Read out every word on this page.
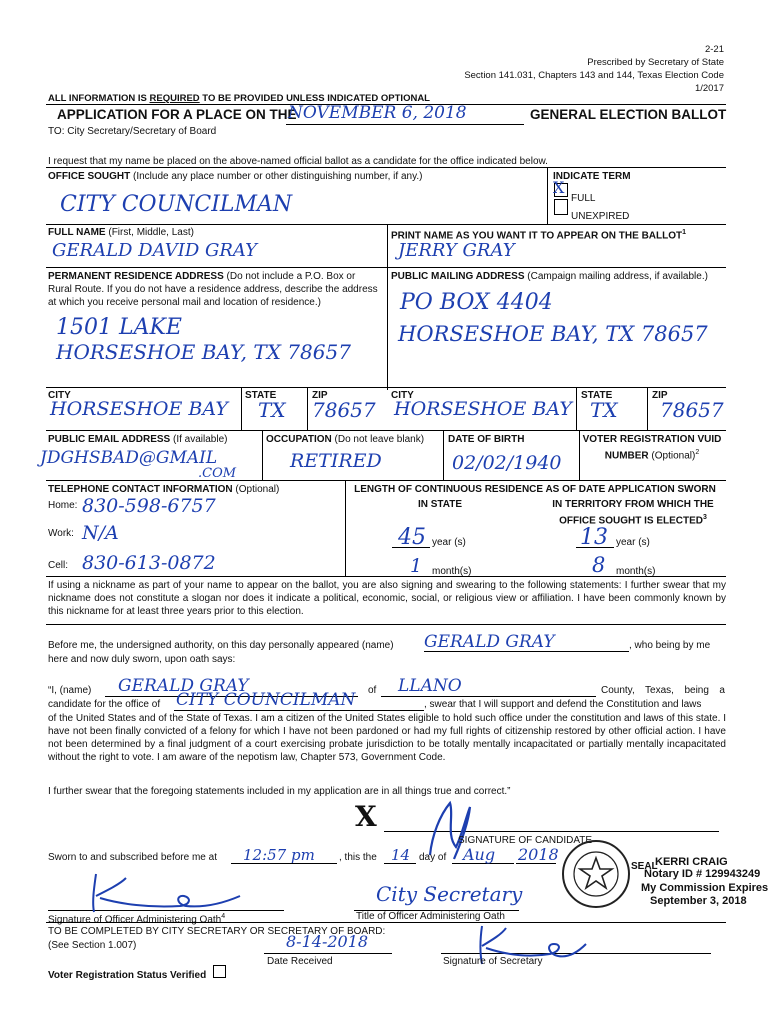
2-21
Prescribed by Secretary of State
Section 141.031, Chapters 143 and 144, Texas Election Code
1/2017
ALL INFORMATION IS REQUIRED TO BE PROVIDED UNLESS INDICATED OPTIONAL
APPLICATION FOR A PLACE ON THE
NOVEMBER 6, 2018	GENERAL ELECTION BALLOT
TO: City Secretary/Secretary of Board
I request that my name be placed on the above-named official ballot as a candidate for the office indicated below.
OFFICE SOUGHT (Include any place number or other distinguishing number, if any.)
CITY COUNCILMAN
INDICATE TERM
X
FULL
UNEXPIRED
FULL NAME (First, Middle, Last)
GERALD DAVID GRAY
PRINT NAME AS YOU WANT IT TO APPEAR ON THE BALLOT$^1$
JERRY GRAY
PERMANENT RESIDENCE ADDRESS (Do not include a P.O. Box or Rural Route. If you do not have a residence address, describe the address at which you receive personal mail and location of residence.)
1501 LAKE
HORSESHOE BAY, TX 78657
PUBLIC MAILING ADDRESS (Campaign mailing address, if available.)
PO BOX 4404
HORSESHOE BAY, TX 78657
CITY	STATE	ZIP	CITY	STATE	ZIP
HORSESHOE BAY TX 78657 HORSESHOE BAY TX 78657
PUBLIC EMAIL ADDRESS (If available)
JDGHSBAD@GMAIL
.COM
OCCUPATION (Do not leave blank)
RETIRED
DATE OF BIRTH
02/02/1940
VOTER REGISTRATION VUID NUMBER (Optional)$^2$
TELEPHONE CONTACT INFORMATION (Optional)
Home: 830-598-6757
Work: N/A
Cell: 830-613-0872
LENGTH OF CONTINUOUS RESIDENCE AS OF DATE APPLICATION SWORN
IN STATE	IN TERRITORY FROM WHICH THE OFFICE SOUGHT IS ELECTED$^3$
45 year (s)
1 month(s)
13 year (s)
8 month(s)
If using a nickname as part of your name to appear on the ballot, you are also signing and swearing to the following statements: I further swear that my nickname does not constitute a slogan nor does it indicate a political, economic, social, or religious view or affiliation. I have been commonly known by this nickname for at least three years prior to this election.
Before me, the undersigned authority, on this day personally appeared (name) GERALD GRAY	, who being by me
here and now duly sworn, upon oath says:
“I, (name) GERALD GRAY	of LLANO	County, Texas, being a
candidate for the office of CITY COUNCILMAN	, swear that I will support and defend the Constitution and laws
of the United States and of the State of Texas. I am a citizen of the United States eligible to hold such office under the constitution and laws of this state. I have not been finally convicted of a felony for which I have not been pardoned or had my full rights of citizenship restored by other official action. I have not been determined by a final judgment of a court exercising probate jurisdiction to be totally mentally incapacitated or partially mentally incapacitated without the right to vote. I am aware of the nepotism law, Chapter 573, Government Code.
I further swear that the foregoing statements included in my application are in all things true and correct.”
X
SIGNATURE OF CANDIDATE
Sworn to and subscribed before me at 12:57 pm , this the 14 day of Aug 2018
SEAL
KERRI CRAIG
Notary ID # 129943249
My Commission Expires
September 3, 2018
Signature of Officer Administering Oath$^4$
City Secretary
Title of Officer Administering Oath
TO BE COMPLETED BY CITY SECRETARY OR SECRETARY OF BOARD:
(See Section 1.007)	8-14-2018
Date Received	Signature of Secretary
Voter Registration Status Verified
